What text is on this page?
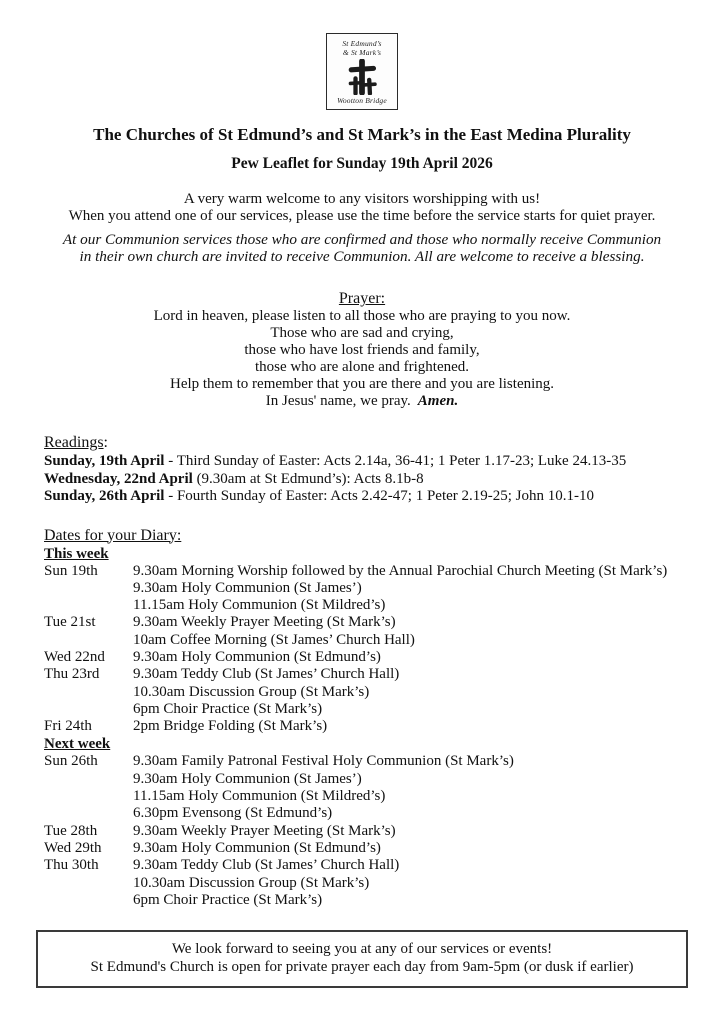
St Edmund’s
& St Mark’s
Wootton Bridge
The Churches of St Edmund’s and St Mark’s in the East Medina Plurality
Pew Leaflet for Sunday 19th April 2026
A very warm welcome to any visitors worshipping with us!
When you attend one of our services, please use the time before the service starts for quiet prayer.
At our Communion services those who are confirmed and those who normally receive Communion
in their own church are invited to receive Communion. All are welcome to receive a blessing.
Prayer:
Lord in heaven, please listen to all those who are praying to you now.
Those who are sad and crying,
those who have lost friends and family,
those who are alone and frightened.
Help them to remember that you are there and you are listening.
In Jesus' name, we pray. Amen.
Readings:
Sunday, 19th April - Third Sunday of Easter: Acts 2.14a, 36-41; 1 Peter 1.17-23; Luke 24.13-35
Wednesday, 22nd April (9.30am at St Edmund’s): Acts 8.1b-8
Sunday, 26th April - Fourth Sunday of Easter: Acts 2.42-47; 1 Peter 2.19-25; John 10.1-10
Dates for your Diary:
This week
Sun 19th	9.30am Morning Worship followed by the Annual Parochial Church Meeting (St Mark’s)
9.30am Holy Communion (St James’)
11.15am Holy Communion (St Mildred’s)
Tue 21st	9.30am Weekly Prayer Meeting (St Mark’s)
10am Coffee Morning (St James’ Church Hall)
Wed 22nd	9.30am Holy Communion (St Edmund’s)
Thu 23rd	9.30am Teddy Club (St James’ Church Hall)
10.30am Discussion Group (St Mark’s)
6pm Choir Practice (St Mark’s)
Fri 24th	2pm Bridge Folding (St Mark’s)
Next week
Sun 26th	9.30am Family Patronal Festival Holy Communion (St Mark’s)
9.30am Holy Communion (St James’)
11.15am Holy Communion (St Mildred’s)
6.30pm Evensong (St Edmund’s)
Tue 28th	9.30am Weekly Prayer Meeting (St Mark’s)
Wed 29th	9.30am Holy Communion (St Edmund’s)
Thu 30th	9.30am Teddy Club (St James’ Church Hall)
10.30am Discussion Group (St Mark’s)
6pm Choir Practice (St Mark’s)
We look forward to seeing you at any of our services or events!
St Edmund's Church is open for private prayer each day from 9am-5pm (or dusk if earlier)
